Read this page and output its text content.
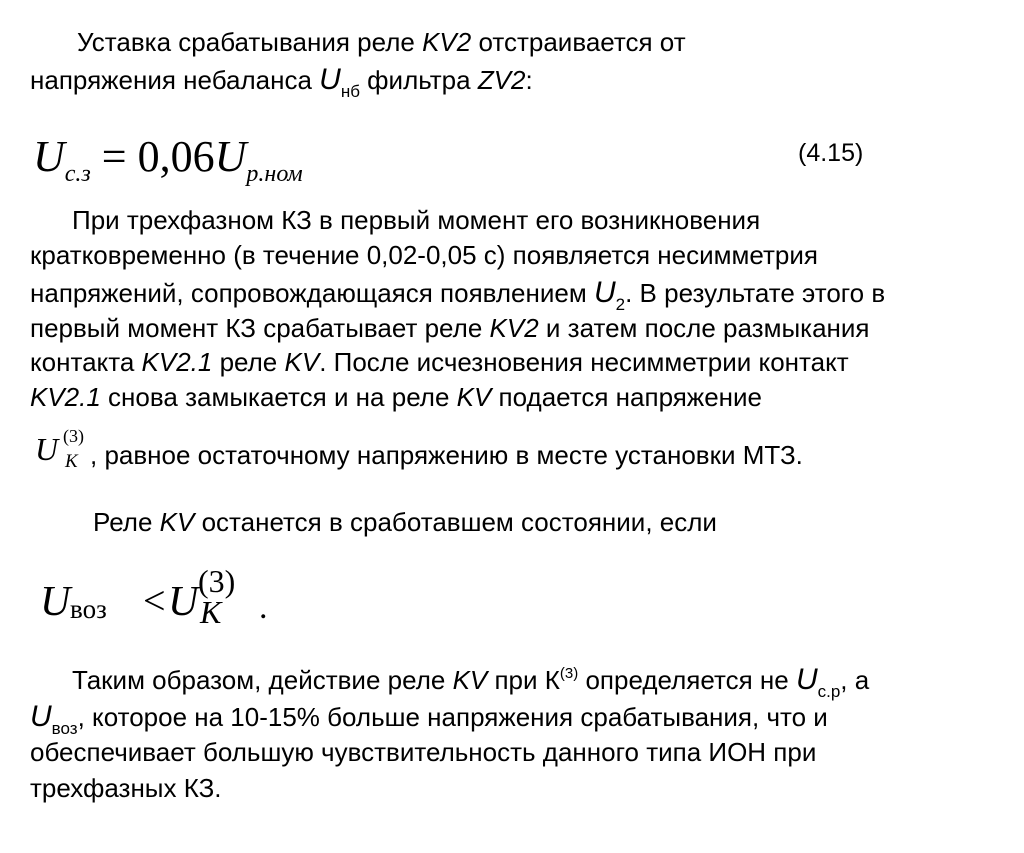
Уставка срабатывания реле KV2 отстраивается от
напряжения небаланса $U_{нб}$ фильтра ZV2:
$U_{с.з} = 0,06U_{р.ном}$
(4.15)
При трехфазном КЗ в первый момент его возникновения
кратковременно (в течение 0,02-0,05 с) появляется несимметрия
напряжений, сопровождающаяся появлением $U_2$. В результате этого в
первый момент КЗ срабатывает реле KV2 и затем после размыкания
контакта KV2.1 реле KV. После исчезновения несимметрии контакт
KV2.1 снова замыкается и на реле KV подается напряжение
U (3)
K , равное остаточному напряжению в месте установки МТЗ.
Реле KV останется в сработавшем состоянии, если
U воз < U (3)
K .
Таким образом, действие реле KV при $К^{(3)}$ определяется не $U_{с.р}$, а
$U_{воз}$, которое на 10-15% больше напряжения срабатывания, что и
обеспечивает большую чувствительность данного типа ИОН при
трехфазных КЗ.
